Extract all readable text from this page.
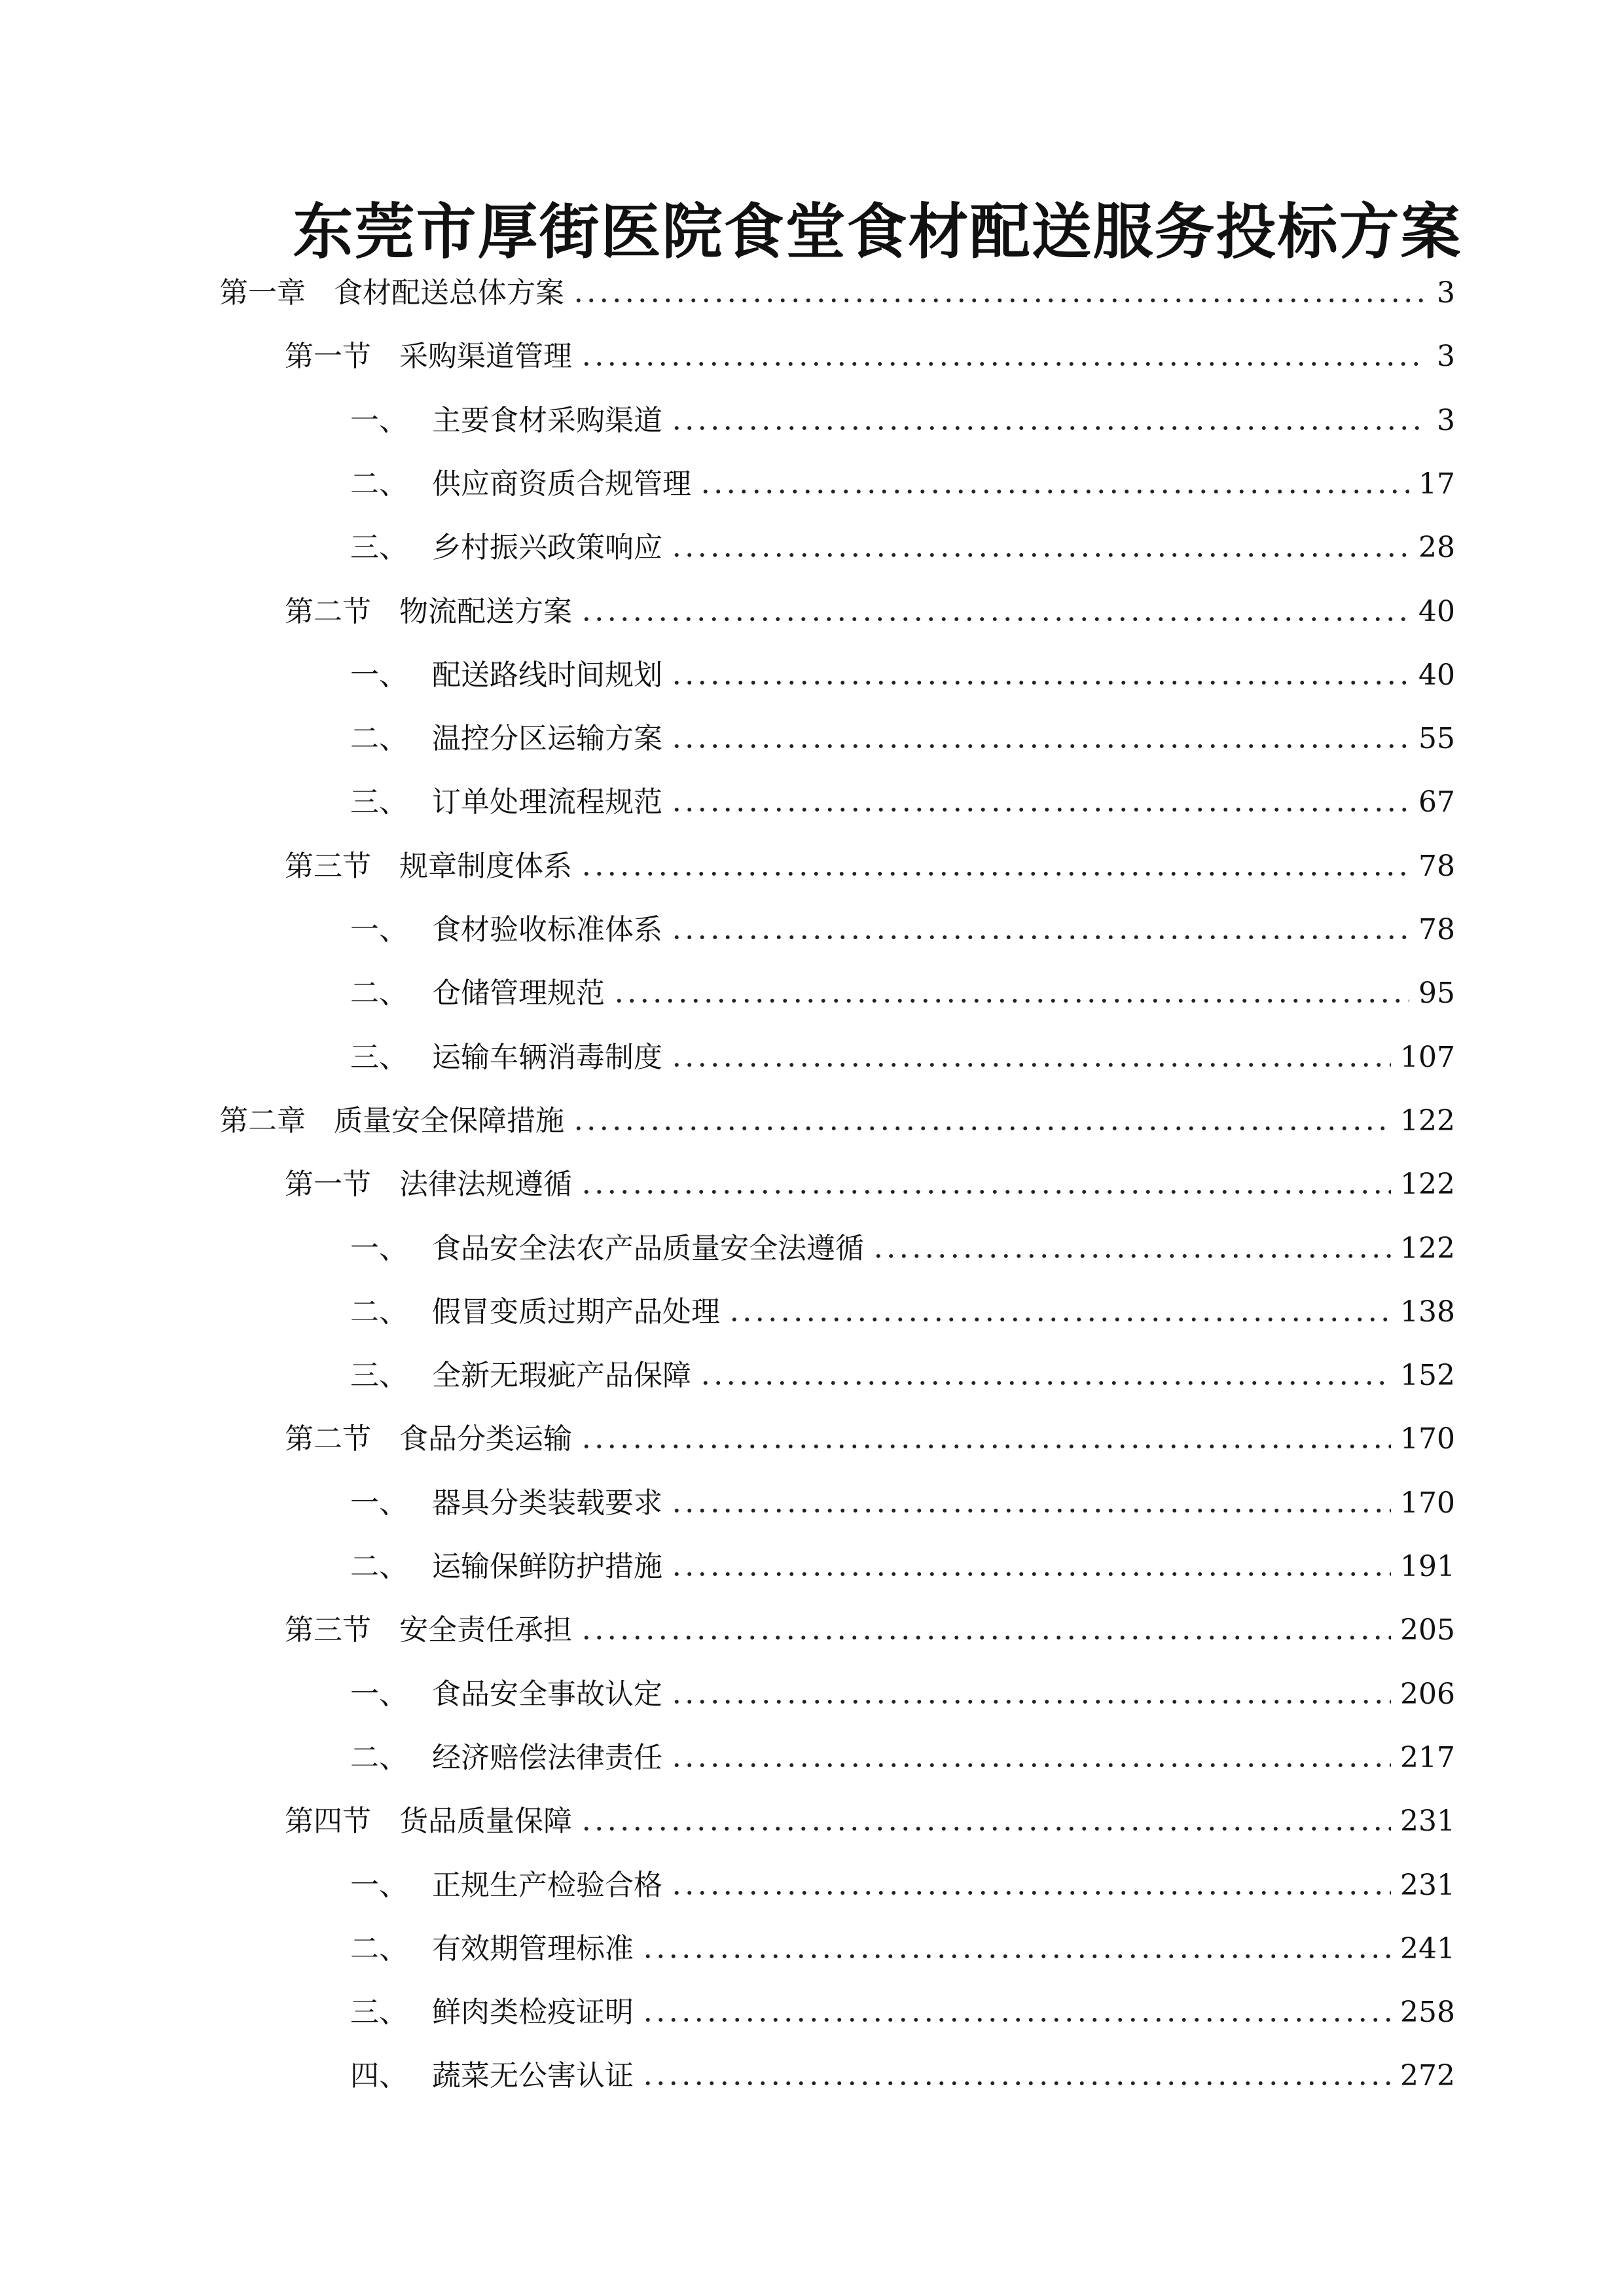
东莞市厚街医院食堂食材配送服务投标方案
第一章 食材配送总体方案	3
第一节 采购渠道管理	3
一、 主要食材采购渠道	3
二、 供应商资质合规管理	17
三、 乡村振兴政策响应	28
第二节 物流配送方案	40
一、 配送路线时间规划	40
二、 温控分区运输方案	55
三、 订单处理流程规范	67
第三节 规章制度体系	78
一、 食材验收标准体系	78
二、 仓储管理规范	95
三、 运输车辆消毒制度	107
第二章 质量安全保障措施	122
第一节 法律法规遵循	122
一、 食品安全法农产品质量安全法遵循	122
二、 假冒变质过期产品处理	138
三、 全新无瑕疵产品保障	152
第二节 食品分类运输	170
一、 器具分类装载要求	170
二、 运输保鲜防护措施	191
第三节 安全责任承担	205
一、 食品安全事故认定	206
二、 经济赔偿法律责任	217
第四节 货品质量保障	231
一、 正规生产检验合格	231
二、 有效期管理标准	241
三、 鲜肉类检疫证明	258
四、 蔬菜无公害认证	272
